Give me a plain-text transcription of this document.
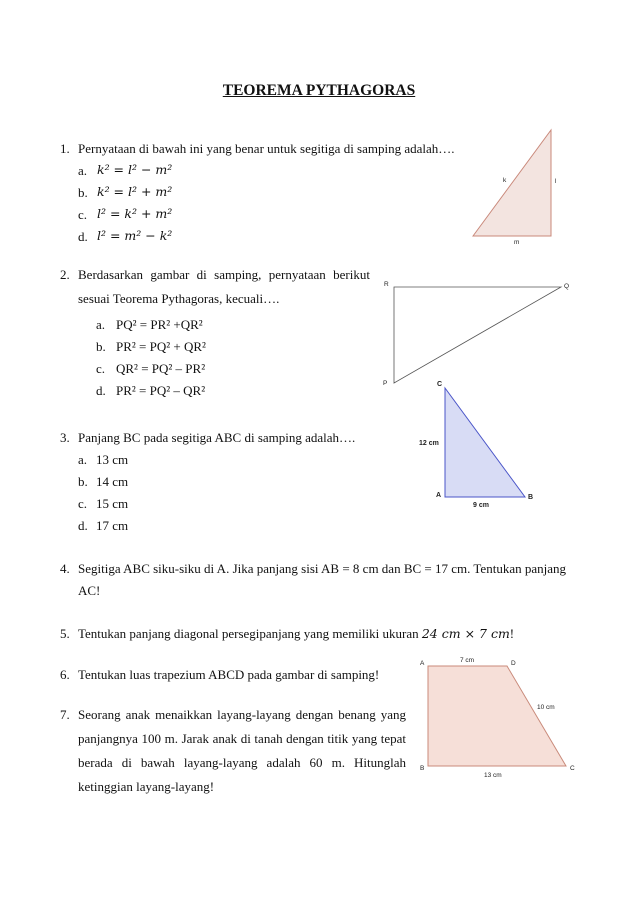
TEOREMA PYTHAGORAS
1. Pernyataan di bawah ini yang benar untuk segitiga di samping adalah….
a. k² = l² − m²
b. k² = l² + m²
c. l² = k² + m²
d. l² = m² − k²
k	l
m
2. Berdasarkan gambar di samping, pernyataan berikut
sesuai Teorema Pythagoras, kecuali….
a. PQ² = PR² +QR²
b. PR² = PQ² + QR²
c. QR² = PQ² – PR²
d. PR² = PQ² – QR²
R	Q
P
3. Panjang BC pada segitiga ABC di samping adalah….
a. 13 cm
b. 14 cm
c. 15 cm
d. 17 cm
C
A	B
12 cm
9 cm
4. Segitiga ABC siku-siku di A. Jika panjang sisi AB = 8 cm dan BC = 17 cm. Tentukan panjang
AC!
5. Tentukan panjang diagonal persegipanjang yang memiliki ukuran 24 cm × 7 cm!
6. Tentukan luas trapezium ABCD pada gambar di samping!
A	D
B	C
7 cm
10 cm
13 cm
7. Seorang anak menaikkan layang-layang dengan benang yang
panjangnya 100 m. Jarak anak di tanah dengan titik yang tepat
berada di bawah layang-layang adalah 60 m. Hitunglah
ketinggian layang-layang!
